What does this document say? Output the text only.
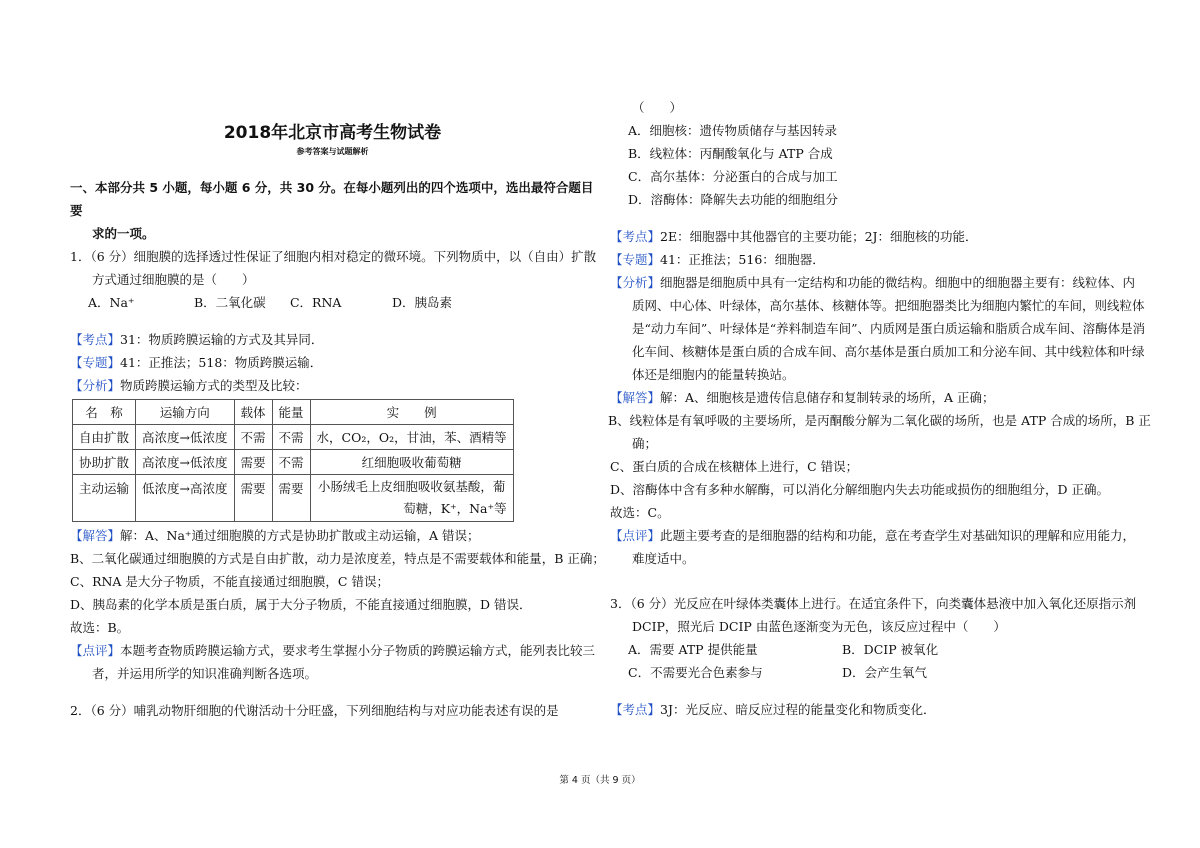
2018年北京市高考生物试卷
参考答案与试题解析
一、本部分共 5 小题，每小题 6 分，共 30 分。在每小题列出的四个选项中，选出最符合题目要
求的一项。
1．（6 分）细胞膜的选择透过性保证了细胞内相对稳定的微环境。下列物质中，以（自由）扩散
方式通过细胞膜的是（　　）
A．Na⁺	B．二氧化碳 C．RNA	D．胰岛素
【考点】31：物质跨膜运输的方式及其异同．
【专题】41：正推法；518：物质跨膜运输．
【分析】物质跨膜运输方式的类型及比较：
名　称	运输方向	载体	能量	实　　例
自由扩散	高浓度→低浓度	不需	不需	水，CO₂，O₂，甘油，苯、酒精等
协助扩散	高浓度→低浓度	需要	不需	红细胞吸收葡萄糖
主动运输	低浓度→高浓度	需要	需要	小肠绒毛上皮细胞吸收氨基酸，葡
萄糖，K⁺，Na⁺等
【解答】解：A、Na⁺通过细胞膜的方式是协助扩散或主动运输，A 错误；
B、二氧化碳通过细胞膜的方式是自由扩散，动力是浓度差，特点是不需要载体和能量，B 正确；
C、RNA 是大分子物质，不能直接通过细胞膜，C 错误；
D、胰岛素的化学本质是蛋白质，属于大分子物质，不能直接通过细胞膜，D 错误．
故选：B。
【点评】本题考查物质跨膜运输方式，要求考生掌握小分子物质的跨膜运输方式，能列表比较三
者，并运用所学的知识准确判断各选项。
2．（6 分）哺乳动物肝细胞的代谢活动十分旺盛，下列细胞结构与对应功能表述有误的是
（　　）
A．细胞核：遗传物质储存与基因转录
B．线粒体：丙酮酸氧化与 ATP 合成
C．高尔基体：分泌蛋白的合成与加工
D．溶酶体：降解失去功能的细胞组分
【考点】2E：细胞器中其他器官的主要功能；2J：细胞核的功能．
【专题】41：正推法；516：细胞器．
【分析】细胞器是细胞质中具有一定结构和功能的微结构。细胞中的细胞器主要有：线粒体、内
质网、中心体、叶绿体，高尔基体、核糖体等。把细胞器类比为细胞内繁忙的车间，则线粒体
是“动力车间”、叶绿体是“养料制造车间”、内质网是蛋白质运输和脂质合成车间、溶酶体是消
化车间、核糖体是蛋白质的合成车间、高尔基体是蛋白质加工和分泌车间、其中线粒体和叶绿
体还是细胞内的能量转换站。
【解答】解：A、细胞核是遗传信息储存和复制转录的场所，A 正确；
B、线粒体是有氧呼吸的主要场所，是丙酮酸分解为二氧化碳的场所，也是 ATP 合成的场所，B 正
确；
C、蛋白质的合成在核糖体上进行，C 错误；
D、溶酶体中含有多种水解酶，可以消化分解细胞内失去功能或损伤的细胞组分，D 正确。
故选：C。
【点评】此题主要考查的是细胞器的结构和功能，意在考查学生对基础知识的理解和应用能力，
难度适中。
3．（6 分）光反应在叶绿体类囊体上进行。在适宜条件下，向类囊体悬液中加入氧化还原指示剂
DCIP，照光后 DCIP 由蓝色逐渐变为无色，该反应过程中（　　）
A．需要 ATP 提供能量	B．DCIP 被氧化
C．不需要光合色素参与	D．会产生氧气
【考点】3J：光反应、暗反应过程的能量变化和物质变化．
第 4 页（共 9 页）
